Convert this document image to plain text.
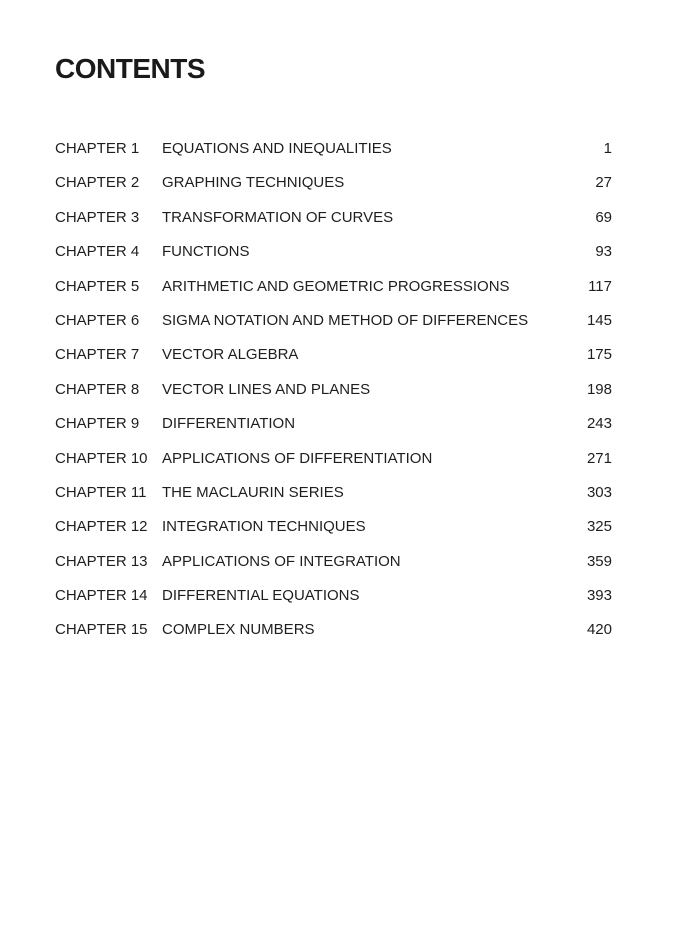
CONTENTS
CHAPTER 1 EQUATIONS AND INEQUALITIES	1
CHAPTER 2 GRAPHING TECHNIQUES	27
CHAPTER 3 TRANSFORMATION OF CURVES	69
CHAPTER 4 FUNCTIONS	93
CHAPTER 5 ARITHMETIC AND GEOMETRIC PROGRESSIONS	117
CHAPTER 6 SIGMA NOTATION AND METHOD OF DIFFERENCES	145
CHAPTER 7 VECTOR ALGEBRA	175
CHAPTER 8 VECTOR LINES AND PLANES	198
CHAPTER 9 DIFFERENTIATION	243
CHAPTER 10 APPLICATIONS OF DIFFERENTIATION	271
CHAPTER 11 THE MACLAURIN SERIES	303
CHAPTER 12 INTEGRATION TECHNIQUES	325
CHAPTER 13 APPLICATIONS OF INTEGRATION	359
CHAPTER 14 DIFFERENTIAL EQUATIONS	393
CHAPTER 15 COMPLEX NUMBERS	420
